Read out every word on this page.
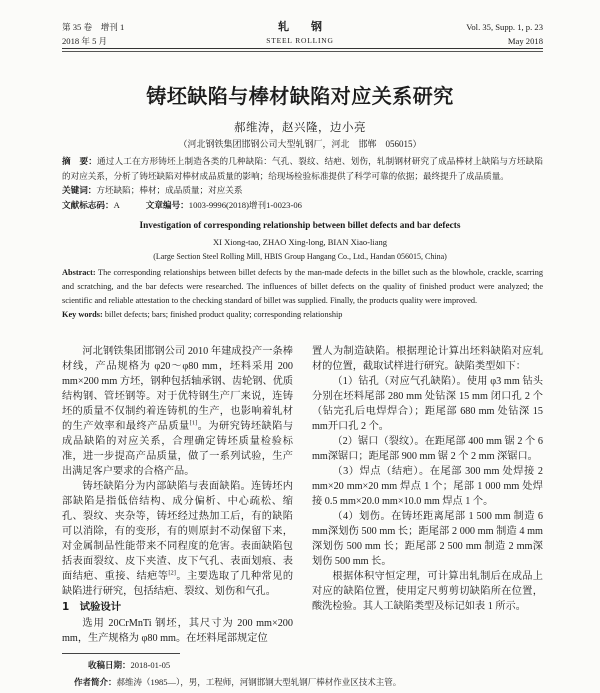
第 35 卷　增刊 1
2018 年 5 月
轧　　钢
STEEL ROLLING
Vol. 35, Supp. 1, p. 23
May 2018
铸坯缺陷与棒材缺陷对应关系研究
郝维涛，赵兴隆，边小亮
（河北钢铁集团邯钢公司大型轧钢厂，河北　邯郸　056015）

摘　要：通过人工在方形铸坯上制造各类的几种缺陷：气孔、裂纹、结疤、划伤，轧制钢材研究了成品棒材上缺陷与方坯缺陷的对应关系，分析了铸坯缺陷对棒材成品质量的影响；给现场检验标准提供了科学可靠的依据；最终提升了成品质量。

关键词：方坯缺陷；棒材；成品质量；对应关系

文献标志码：A	文章编号：1003-9996(2018)增刊1-0023-06

Investigation of corresponding relationship between billet defects and bar defects
XI Xiong-tao, ZHAO Xing-long, BIAN Xiao-liang
(Large Section Steel Rolling Mill, HBIS Group Hangang Co., Ltd., Handan 056015, China)

Abstract: The corresponding relationships between billet defects by the man-made defects in the billet such as the blowhole, crackle, scarring and scratching, and the bar defects were researched. The influences of billet defects on the quality of finished product were analyzed; the scientific and reliable attestation to the checking standard of billet was supplied. Finally, the products quality were improved.

Key words: billet defects; bars; finished product quality; corresponding relationship

河北钢铁集团邯钢公司 2010 年建成投产一条棒材线，产品规格为 φ20～φ80 mm，坯料采用 200 mm×200 mm 方坯，钢种包括轴承钢、齿轮钢、优质结构钢、管坯钢等。对于优特钢生产厂来说，连铸坯的质量不仅制约着连铸机的生产，也影响着轧材的生产效率和最终产品质量[1]。为研究铸坯缺陷与成品缺陷的对应关系，合理确定铸坯质量检验标准，进一步提高产品质量，做了一系列试验，生产出满足客户要求的合格产品。

铸坯缺陷分为内部缺陷与表面缺陷。连铸坯内部缺陷是指低倍结构、成分偏析、中心疏松、缩孔、裂纹、夹杂等，铸坯经过热加工后，有的缺陷可以消除，有的变形，有的则原封不动保留下来，对金属制品性能带来不同程度的危害。表面缺陷包括表面裂纹、皮下夹渣、皮下气孔、表面划痕、表面结疤、重接、结疤等[2]。主要选取了几种常见的缺陷进行研究，包括结疤、裂纹、划伤和气孔。

1　试验设计

选用 20CrMnTi 钢坯，其尺寸为 200 mm×200 mm，生产规格为 φ80 mm。在坯料尾部规定位

置人为制造缺陷。根据理论计算出坯料缺陷对应轧材的位置，截取试样进行研究。缺陷类型如下：

（1）钻孔（对应气孔缺陷）。使用 φ3 mm 钻头分别在坯料尾部 280 mm 处钻深 15 mm 闭口孔 2 个（钻完孔后电焊焊合）；距尾部 680 mm 处钻深 15 mm开口孔 2 个。

（2）锯口（裂纹）。在距尾部 400 mm 锯 2 个 6 mm深锯口；距尾部 900 mm 锯 2 个 2 mm 深锯口。

（3）焊点（结疤）。在尾部 300 mm 处焊接 2 mm×20 mm×20 mm 焊点 1 个；尾部 1 000 mm 处焊接 0.5 mm×20.0 mm×10.0 mm 焊点 1 个。

（4）划伤。在铸坯距离尾部 1 500 mm 制造 6 mm深划伤 500 mm 长；距尾部 2 000 mm 制造 4 mm深划伤 500 mm 长；距尾部 2 500 mm 制造 2 mm深划伤 500 mm 长。

根据体积守恒定理，可计算出轧制后在成品上对应的缺陷位置，使用定尺剪剪切缺陷所在位置，酸洗检验。其人工缺陷类型及标记如表 1 所示。

收稿日期：2018-01-05
作者简介：郝维涛（1985—），男，工程师，河钢邯钢大型轧钢厂棒材作业区技术主管。
